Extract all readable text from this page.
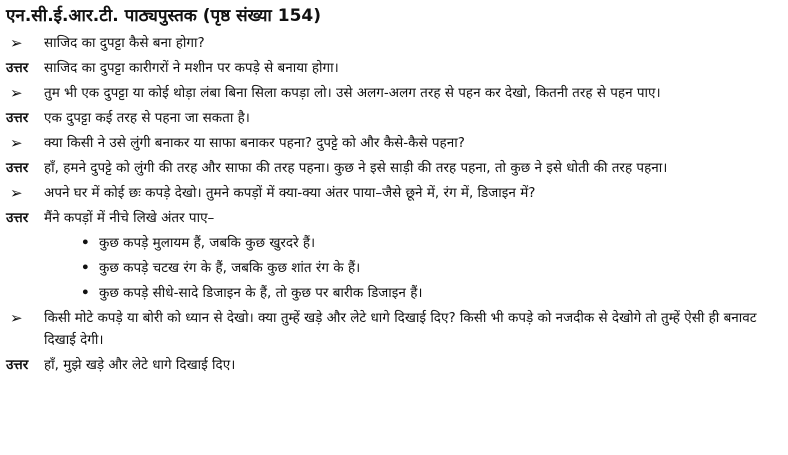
एन.सी.ई.आर.टी. पाठ्यपुस्तक (पृष्ठ संख्या 154)
➢	साजिद का दुपट्टा कैसे बना होगा?
उत्तर	साजिद का दुपट्टा कारीगरों ने मशीन पर कपड़े से बनाया होगा।
➢	तुम भी एक दुपट्टा या कोई थोड़ा लंबा बिना सिला कपड़ा लो। उसे अलग-अलग तरह से पहन कर देखो, कितनी तरह से पहन पाए।
उत्तर	एक दुपट्टा कई तरह से पहना जा सकता है।
➢	क्या किसी ने उसे लुंगी बनाकर या साफा बनाकर पहना? दुपट्टे को और कैसे-कैसे पहना?
उत्तर	हाँ, हमने दुपट्टे को लुंगी की तरह और साफा की तरह पहना। कुछ ने इसे साड़ी की तरह पहना, तो कुछ ने इसे धोती की तरह पहना।
➢	अपने घर में कोई छः कपड़े देखो। तुमने कपड़ों में क्या-क्या अंतर पाया–जैसे छूने में, रंग में, डिजाइन में?
उत्तर	मैंने कपड़ों में नीचे लिखे अंतर पाए–
• कुछ कपड़े मुलायम हैं, जबकि कुछ खुरदरे हैं।
• कुछ कपड़े चटख रंग के हैं, जबकि कुछ शांत रंग के हैं।
• कुछ कपड़े सीधे-सादे डिजाइन के हैं, तो कुछ पर बारीक डिजाइन हैं।
➢	किसी मोटे कपड़े या बोरी को ध्यान से देखो। क्या तुम्हें खड़े और लेटे धागे दिखाई दिए? किसी भी कपड़े को नजदीक से देखोगे तो तुम्हें ऐसी ही बनावट दिखाई देगी।
उत्तर	हाँ, मुझे खड़े और लेटे धागे दिखाई दिए।
